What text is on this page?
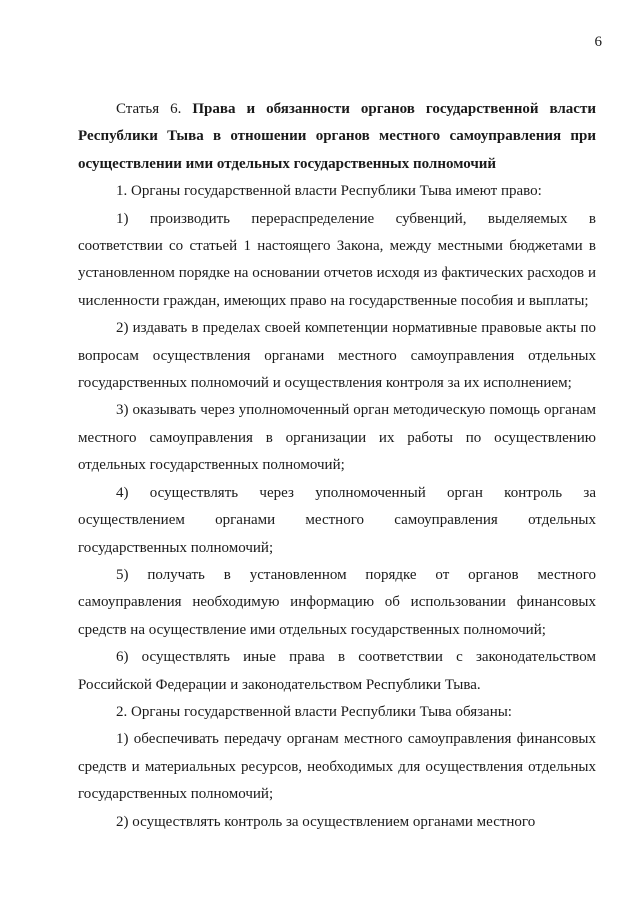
6

Статья 6. Права и обязанности органов государственной власти Республики Тыва в отношении органов местного самоуправления при осуществлении ими отдельных государственных полномочий

1. Органы государственной власти Республики Тыва имеют право:

1) производить перераспределение субвенций, выделяемых в соответствии со статьей 1 настоящего Закона, между местными бюджетами в установленном порядке на основании отчетов исходя из фактических расходов и численности граждан, имеющих право на государственные пособия и выплаты;

2) издавать в пределах своей компетенции нормативные правовые акты по вопросам осуществления органами местного самоуправления отдельных государственных полномочий и осуществления контроля за их исполнением;

3) оказывать через уполномоченный орган методическую помощь органам местного самоуправления в организации их работы по осуществлению отдельных государственных полномочий;

4) осуществлять через уполномоченный орган контроль за осуществлением органами местного самоуправления отдельных государственных полномочий;

5) получать в установленном порядке от органов местного самоуправления необходимую информацию об использовании финансовых средств на осуществление ими отдельных государственных полномочий;

6) осуществлять иные права в соответствии с законодательством Российской Федерации и законодательством Республики Тыва.

2. Органы государственной власти Республики Тыва обязаны:

1) обеспечивать передачу органам местного самоуправления финансовых средств и материальных ресурсов, необходимых для осуществления отдельных государственных полномочий;

2) осуществлять контроль за осуществлением органами местного
